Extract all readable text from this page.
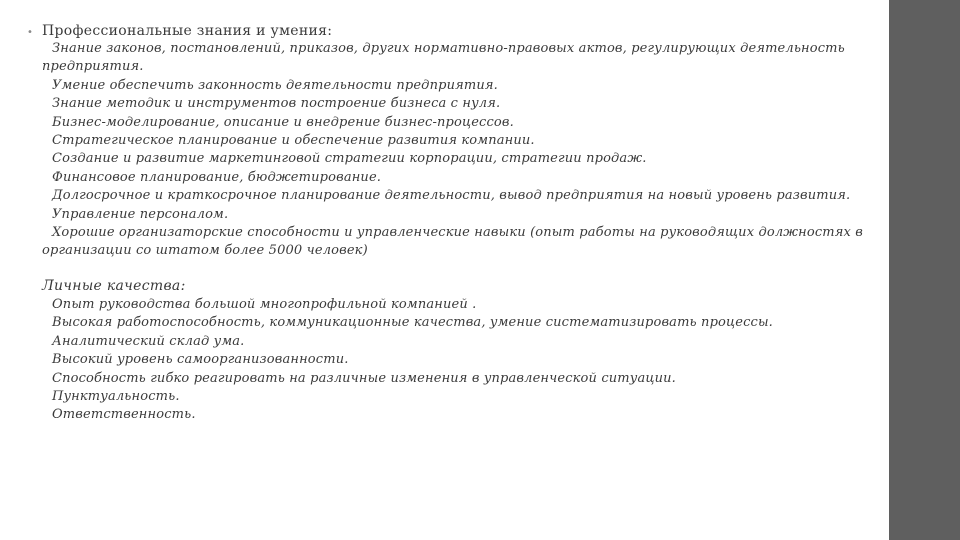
• Профессиональные знания и умения:
Знание законов, постановлений, приказов, других нормативно-правовых актов, регулирующих деятельность предприятия.
Умение обеспечить законность деятельности предприятия.
Знание методик и инструментов построение бизнеса с нуля.
Бизнес-моделирование, описание и внедрение бизнес-процессов.
Стратегическое планирование и обеспечение развития компании.
Создание и развитие маркетинговой стратегии корпорации, стратегии продаж.
Финансовое планирование, бюджетирование.
Долгосрочное и краткосрочное планирование деятельности, вывод предприятия на новый уровень развития.
Управление персоналом.
Хорошие организаторские способности и управленческие навыки (опыт работы на руководящих должностях в организации со штатом более 5000 человек)
Личные качества:
Опыт руководства большой многопрофильной компанией .
Высокая работоспособность, коммуникационные качества, умение систематизировать процессы.
Аналитический склад ума.
Высокий уровень самоорганизованности.
Способность гибко реагировать на различные изменения в управленческой ситуации.
Пунктуальность.
Ответственность.
